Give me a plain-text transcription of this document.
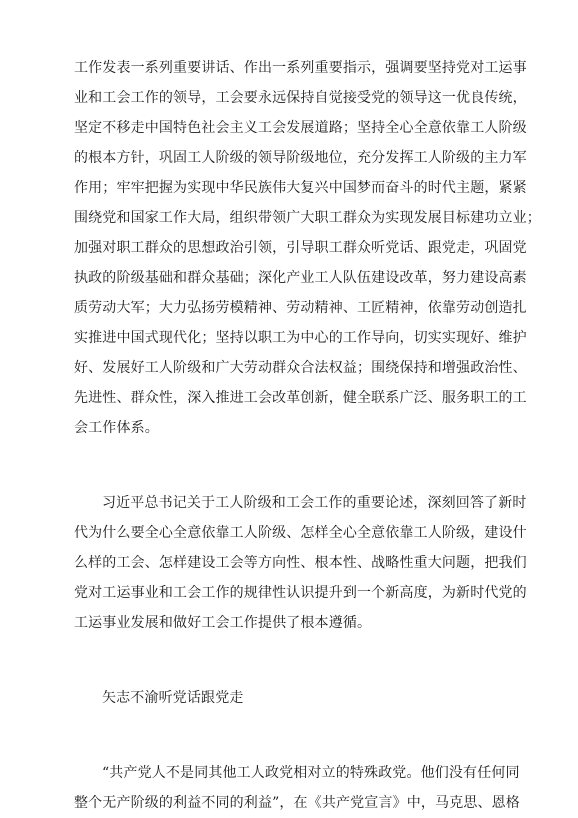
工作发表一系列重要讲话、作出一系列重要指示，强调要坚持党对工运事
业和工会工作的领导，工会要永远保持自觉接受党的领导这一优良传统，
坚定不移走中国特色社会主义工会发展道路；坚持全心全意依靠工人阶级
的根本方针，巩固工人阶级的领导阶级地位，充分发挥工人阶级的主力军
作用；牢牢把握为实现中华民族伟大复兴中国梦而奋斗的时代主题，紧紧
围绕党和国家工作大局，组织带领广大职工群众为实现发展目标建功立业；
加强对职工群众的思想政治引领，引导职工群众听党话、跟党走，巩固党
执政的阶级基础和群众基础；深化产业工人队伍建设改革，努力建设高素
质劳动大军；大力弘扬劳模精神、劳动精神、工匠精神，依靠劳动创造扎
实推进中国式现代化；坚持以职工为中心的工作导向，切实实现好、维护
好、发展好工人阶级和广大劳动群众合法权益；围绕保持和增强政治性、
先进性、群众性，深入推进工会改革创新，健全联系广泛、服务职工的工
会工作体系。
习近平总书记关于工人阶级和工会工作的重要论述，深刻回答了新时
代为什么要全心全意依靠工人阶级、怎样全心全意依靠工人阶级，建设什
么样的工会、怎样建设工会等方向性、根本性、战略性重大问题，把我们
党对工运事业和工会工作的规律性认识提升到一个新高度，为新时代党的
工运事业发展和做好工会工作提供了根本遵循。
矢志不渝听党话跟党走
“共产党人不是同其他工人政党相对立的特殊政党。他们没有任何同
整个无产阶级的利益不同的利益”，在《共产党宣言》中，马克思、恩格
